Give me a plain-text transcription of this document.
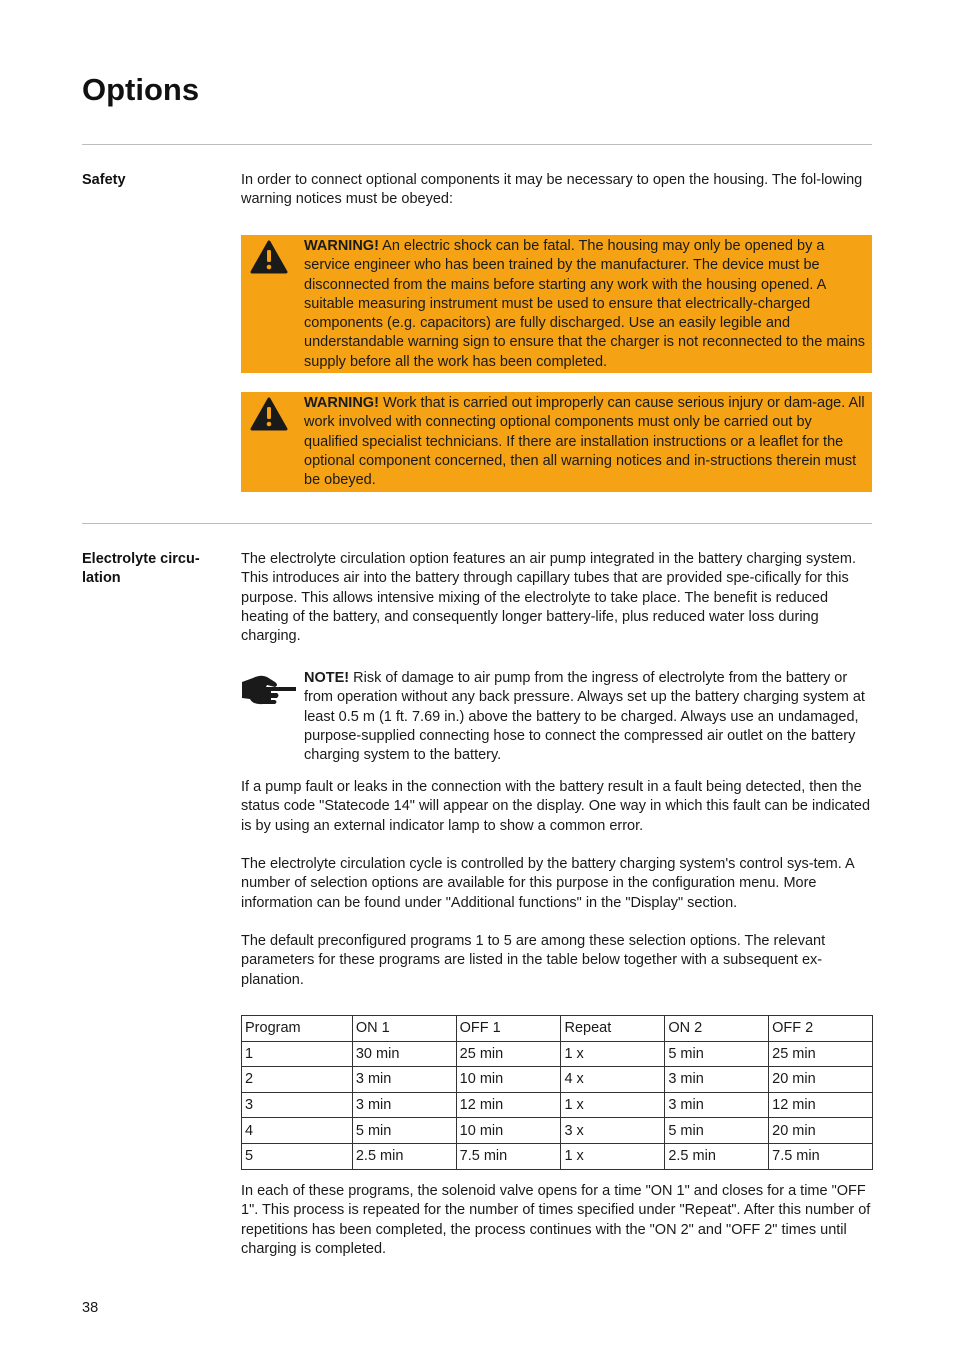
Options
Safety	In order to connect optional components it may be necessary to open the housing. The fol-lowing warning notices must be obeyed:

WARNING! An electric shock can be fatal. The housing may only be opened by a service engineer who has been trained by the manufacturer. The device must be disconnected from the mains before starting any work with the housing opened. A suitable measuring instrument must be used to ensure that electrically-charged components (e.g. capacitors) are fully discharged. Use an easily legible and understandable warning sign to ensure that the charger is not reconnected to the mains supply before all the work has been completed.

WARNING! Work that is carried out improperly can cause serious injury or dam-age. All work involved with connecting optional components must only be carried out by qualified specialist technicians. If there are installation instructions or a leaflet for the optional component concerned, then all warning notices and in-structions therein must be obeyed.

Electrolyte circu-lation

The electrolyte circulation option features an air pump integrated in the battery charging system. This introduces air into the battery through capillary tubes that are provided spe-cifically for this purpose. This allows intensive mixing of the electrolyte to take place. The benefit is reduced heating of the battery, and consequently longer battery-life, plus reduced water loss during charging.

NOTE! Risk of damage to air pump from the ingress of electrolyte from the battery or from operation without any back pressure. Always set up the battery charging system at least 0.5 m (1 ft. 7.69 in.) above the battery to be charged. Always use an undamaged, purpose-supplied connecting hose to connect the compressed air outlet on the battery charging system to the battery.

If a pump fault or leaks in the connection with the battery result in a fault being detected, then the status code "Statecode 14" will appear on the display. One way in which this fault can be indicated is by using an external indicator lamp to show a common error.

The electrolyte circulation cycle is controlled by the battery charging system's control sys-tem. A number of selection options are available for this purpose in the configuration menu. More information can be found under "Additional functions" in the "Display" section.

The default preconfigured programs 1 to 5 are among these selection options. The relevant parameters for these programs are listed in the table below together with a subsequent ex-planation.

Program	ON 1	OFF 1	Repeat	ON 2	OFF 2
1	30 min	25 min	1 x	5 min	25 min
2	3 min	10 min	4 x	3 min	20 min
3	3 min	12 min	1 x	3 min	12 min
4	5 min	10 min	3 x	5 min	20 min
5	2.5 min	7.5 min	1 x	2.5 min	7.5 min

In each of these programs, the solenoid valve opens for a time "ON 1" and closes for a time "OFF 1". This process is repeated for the number of times specified under "Repeat". After this number of repetitions has been completed, the process continues with the "ON 2" and "OFF 2" times until charging is completed.

38
